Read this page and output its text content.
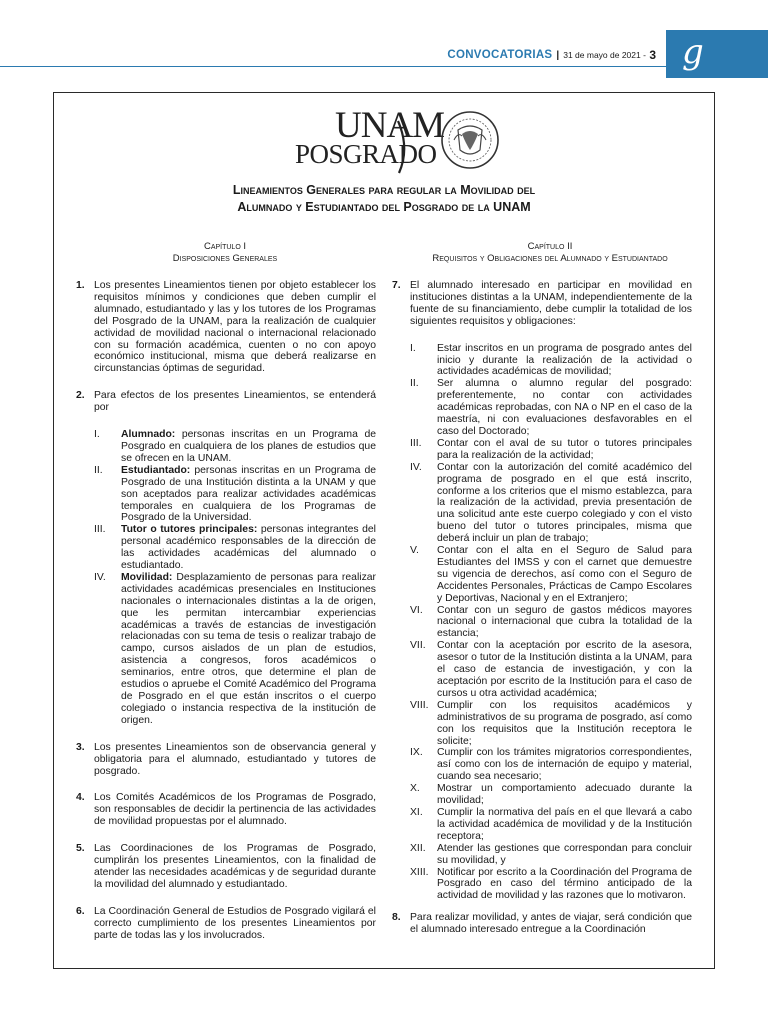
CONVOCATORIAS | 31 de mayo de 2021 - 3 g
UNAM
POSGRADO
Lineamientos Generales para regular la Movilidad del
Alumnado y Estudiantado del Posgrado de la UNAM
Capítulo I
Disposiciones Generales
Capítulo II
Requisitos y Obligaciones del Alumnado y Estudiantado
1. Los presentes Lineamientos tienen por objeto establecer los requisitos mínimos y condiciones que deben cumplir el alumnado, estudiantado y las y los tutores de los Programas del Posgrado de la UNAM, para la realización de cualquier actividad de movilidad nacional o internacional relacionado con su formación académica, cuenten o no con apoyo económico institucional, misma que deberá realizarse en circunstancias óptimas de seguridad.
2. Para efectos de los presentes Lineamientos, se entenderá por
I.	Alumnado: personas inscritas en un Programa de Posgrado en cualquiera de los planes de estudios que se ofrecen en la UNAM.
II.	Estudiantado: personas inscritas en un Programa de Posgrado de una Institución distinta a la UNAM y que son aceptados para realizar actividades académicas temporales en cualquiera de los Programas de Posgrado de la Universidad.
III.	Tutor o tutores principales: personas integrantes del personal académico responsables de la dirección de las actividades académicas del alumnado o estudiantado.
IV.	Movilidad: Desplazamiento de personas para realizar actividades académicas presenciales en Instituciones nacionales o internacionales distintas a la de origen, que les permitan intercambiar experiencias académicas a través de estancias de investigación relacionadas con su tema de tesis o realizar trabajo de campo, cursos aislados de un plan de estudios, asistencia a congresos, foros académicos o seminarios, entre otros, que determine el plan de estudios o apruebe el Comité Académico del Programa de Posgrado en el que están inscritos o el cuerpo colegiado o instancia respectiva de la institución de origen.
3. Los presentes Lineamientos son de observancia general y obligatoria para el alumnado, estudiantado y tutores de posgrado.
4. Los Comités Académicos de los Programas de Posgrado, son responsables de decidir la pertinencia de las actividades de movilidad propuestas por el alumnado.
5. Las Coordinaciones de los Programas de Posgrado, cumplirán los presentes Lineamientos, con la finalidad de atender las necesidades académicas y de seguridad durante la movilidad del alumnado y estudiantado.
6. La Coordinación General de Estudios de Posgrado vigilará el correcto cumplimiento de los presentes Lineamientos por parte de todas las y los involucrados.
7. El alumnado interesado en participar en movilidad en instituciones distintas a la UNAM, independientemente de la fuente de su financiamiento, debe cumplir la totalidad de los siguientes requisitos y obligaciones:
I.	Estar inscritos en un programa de posgrado antes del inicio y durante la realización de la actividad o actividades académicas de movilidad;
II.	Ser alumna o alumno regular del posgrado: preferentemente, no contar con actividades académicas reprobadas, con NA o NP en el caso de la maestría, ni con evaluaciones desfavorables en el caso del Doctorado;
III.	Contar con el aval de su tutor o tutores principales para la realización de la actividad;
IV.	Contar con la autorización del comité académico del programa de posgrado en el que está inscrito, conforme a los criterios que el mismo establezca, para la realización de la actividad, previa presentación de una solicitud ante este cuerpo colegiado y con el visto bueno del tutor o tutores principales, misma que deberá incluir un plan de trabajo;
V.	Contar con el alta en el Seguro de Salud para Estudiantes del IMSS y con el carnet que demuestre su vigencia de derechos, así como con el Seguro de Accidentes Personales, Prácticas de Campo Escolares y Deportivas, Nacional y en el Extranjero;
VI.	Contar con un seguro de gastos médicos mayores nacional o internacional que cubra la totalidad de la estancia;
VII.	Contar con la aceptación por escrito de la asesora, asesor o tutor de la Institución distinta a la UNAM, para el caso de estancia de investigación, y con la aceptación por escrito de la Institución para el caso de cursos u otra actividad académica;
VIII. Cumplir con los requisitos académicos y administrativos de su programa de posgrado, así como con los requisitos que la Institución receptora le solicite;
IX.	Cumplir con los trámites migratorios correspondientes, así como con los de internación de equipo y material, cuando sea necesario;
X.	Mostrar un comportamiento adecuado durante la movilidad;
XI.	Cumplir la normativa del país en el que llevará a cabo la actividad académica de movilidad y de la Institución receptora;
XII.	Atender las gestiones que correspondan para concluir su movilidad, y
XIII. Notificar por escrito a la Coordinación del Programa de Posgrado en caso del término anticipado de la actividad de movilidad y las razones que lo motivaron.
8. Para realizar movilidad, y antes de viajar, será condición que el alumnado interesado entregue a la Coordinación
